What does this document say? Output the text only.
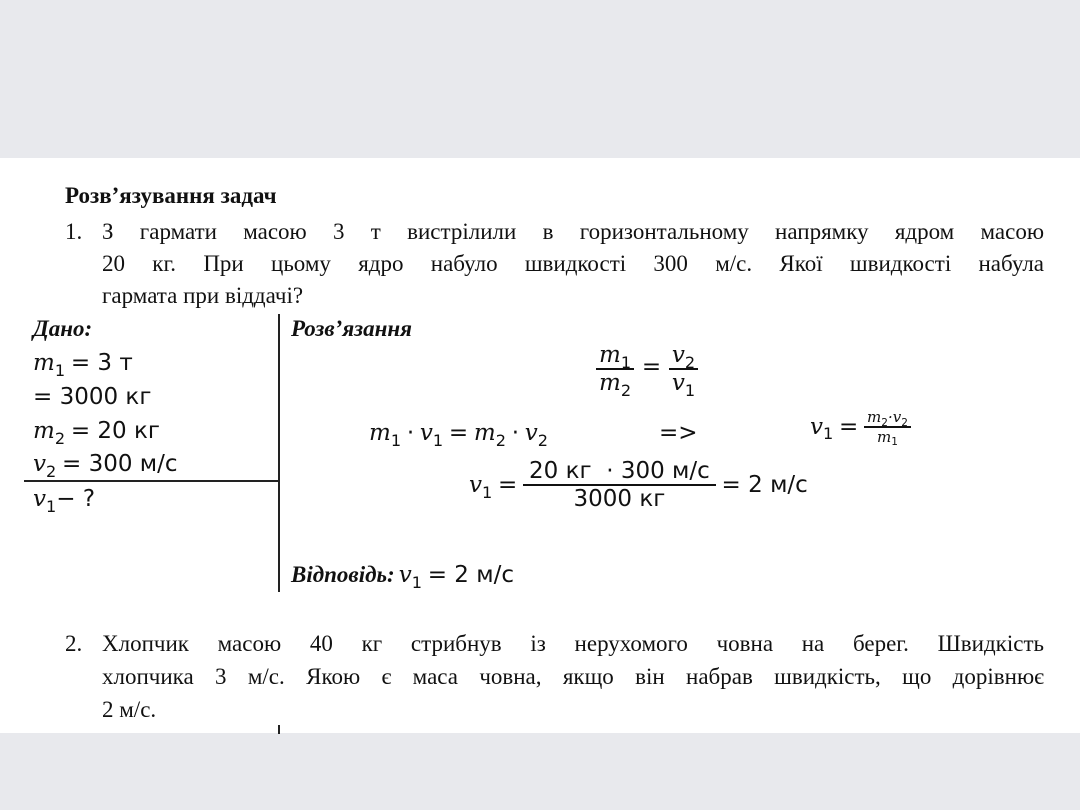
Розв’язування задач
1. З гармати масою 3 т вистрілили в горизонтальному напрямку ядром масою
20 кг. При цьому ядро набуло швидкості 300 м/с. Якої швидкості набула
гармата при віддачі?
Дано:
$m_1 = 3$ т
= 3000 кг
$m_2 = 20$ кг
$v_2 = 300$ м/с
$v_1-$ ?
Розв’язання
$\frac{m_1}{m_2} = \frac{v_2}{v_1}$
$m_1 \cdot v_1 = m_2 \cdot v_2$	=>	$v_1 = \frac{m_2\cdot v_2}{m_1}$
$v_1 = \frac{20 кг \cdot 300 м/с}{3000 кг} = 2$ м/с
Відповідь: $v_1 = 2$ м/с
2. Хлопчик масою 40 кг стрибнув із нерухомого човна на берег. Швидкість
хлопчика 3 м/с. Якою є маса човна, якщо він набрав швидкість, що дорівнює
2 м/с.
